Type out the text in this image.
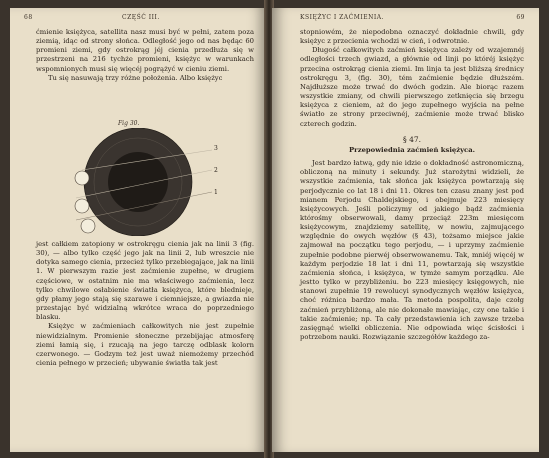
68	CZĘŚĆ III.
ćmienie księżyca, satellita nasz musi być w pełni, zatem poza ziemią, idąc od strony słońca. Odległość jego od nas będąc 60 promieni ziemi, gdy ostrokrąg jéj cienia przedłuża się w przestrzeni na 216 tychże promieni, księżyc w warunkach wspomnionych musi się więcéj pogrążyć w cieniu ziemi.
Tu się nasuwają trzy różne położenia. Albo księżyc
Fig 30.
3
2
1
jest całkiem zatopiony w ostrokręgu cienia jak na linii 3 (fig. 30), — albo tylko część jego jak na linii 2, lub wreszcie nie dotyka samego cienia, przecież tylko przebiegające, jak na linii 1. W pierwszym razie jest zaćmienie zupełne, w drugiem częściowe, w ostatnim nie ma właściwego zaćmienia, lecz tylko chwilowe osłabienie światła księżyca, które blednieje, gdy płamy jego stają się szarawe i ciemniejsze, a gwiazda nie przestając być widzialną wkrótce wraca do poprzedniego blasku.
Księżyc w zaćmieniach całkowitych nie jest zupełnie niewidzialnym. Promienie słoneczne przebijając atmosferę ziemi łamią się, i rzucają na jego tarczę odblask kolorn czerwonego. — Godzym też jest uważ niemożemy przechód cienia pełnego w przecień; ubywanie światła tak jest
KSIĘŻYC I ZAĆMIENIA.	69
stopniowém, że niepodobna oznaczyć dokładnie chwili, gdy księżyc z przecienia wchodzi w cień, i odwrotnie.
Długość całkowitych zaćmień księżyca zależy od wzajemnéj odległości trzech gwiazd, a głównie od linji po któréj księżyc przecina ostrokrąg cienia ziemi. Im linja ta jest bliższą średnicy ostrokręgu 3, (fig. 30), tém zaćmienie będzie dłuższém. Najdłuższe może trwać do dwóch godzin. Ale biorąc razem wszystkie zmiany, od chwili pierwszego zetknięcia się brzegu księżyca z cieniem, aż do jego zupełnego wyjścia na pełne światło ze strony przeciwnéj, zaćmienie może trwać blisko czterech godzin.
§ 47.
Przepowiednia zaćmień księżyca.
Jest bardzo łatwą, gdy nie idzie o dokładność astronomiczną, obliczoną na minuty i sekundy. Już starożytni widzieli, że wszystkie zaćmienia, tak słońca jak księżyca powtarzają się perjodycznie co lat 18 i dni 11. Okres ten czasu znany jest pod mianem Perjodu Chaldejskiego, i obejmuje 223 miesięcy księżycowych. Jeśli policzymy od jakiego bądź zaćmienia którośmy obserwowali, damy przeciąż 223m miesięcom księżycowym, znajdziemy satellitę, w nowiu, zajmującego względnie do owych węzłów (§ 43), tożsamo miejsce jakie zajmował na początku tego perjodu, — i uprzymy zaćmienie zupełnie podobne pierwéj obserwowanemu. Tak, mniéj więcéj w każdym perjodzie 18 lat i dni 11, powtarzają się wszystkie zaćmienia słońca, i księżyca, w tymże samym porządku. Ale jestto tylko w przybliżeniu. bo 223 miesięcy księgowych, nie stanowi zupełnie 19 rewolucyi synodycznych węzłów księżyca, choć różnica bardzo mała. Ta metoda pospolita, daje czołg zaćmień przybliżoną, ale nie dokonałe mawiając, czy one takie i takie zaćmienie; np. Ta cały przedstawienia ich zawsze trzeba zasięgnąć wielki obliczenia. Nie odpowiada więc ścisłości i potrzebom nauki. Rozwiązanie szczegółów każdego za-
